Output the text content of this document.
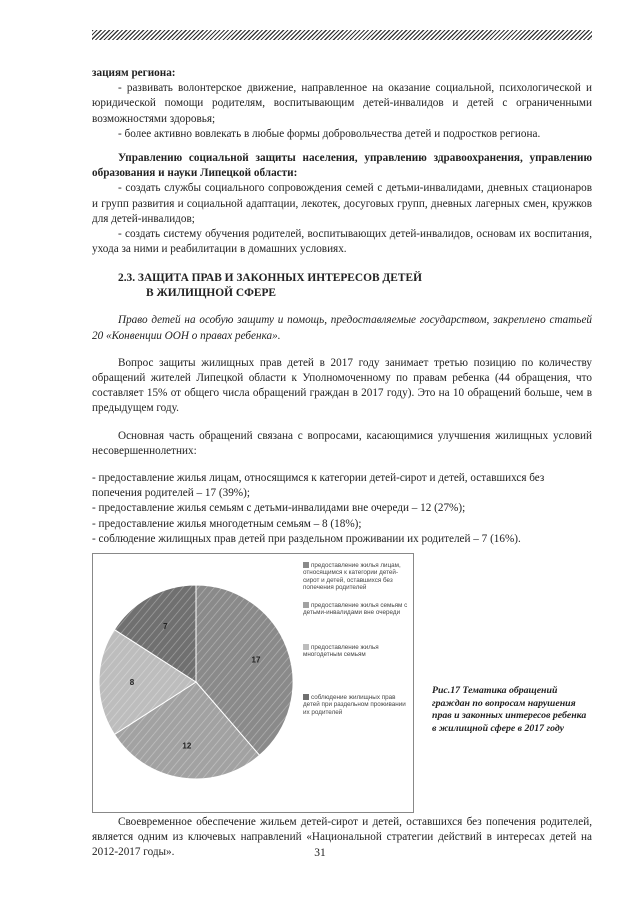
зациям региона:

- развивать волонтерское движение, направленное на оказание социальной, психологической и юридической помощи родителям, воспитывающим детей-инвалидов и детей с ограниченными возможностями здоровья;

- более активно вовлекать в любые формы добровольчества детей и подростков региона.

Управлению социальной защиты населения, управлению здравоохранения, управлению образования и науки Липецкой области:

- создать службы социального сопровождения семей с детьми-инвалидами, дневных стационаров и групп развития и социальной адаптации, лекотек, досуговых групп, дневных лагерных смен, кружков для детей-инвалидов;

- создать систему обучения родителей, воспитывающих детей-инвалидов, основам их воспитания, ухода за ними и реабилитации в домашних условиях.

2.3. ЗАЩИТА ПРАВ И ЗАКОННЫХ ИНТЕРЕСОВ ДЕТЕЙ
В ЖИЛИЩНОЙ СФЕРЕ

Право детей на особую защиту и помощь, предоставляемые государством, закреплено статьей 20 «Конвенции ООН о правах ребенка».

Вопрос защиты жилищных прав детей в 2017 году занимает третью позицию по количеству обращений жителей Липецкой области к Уполномоченному по правам ребенка (44 обращения, что составляет 15% от общего числа обращений граждан в 2017 году). Это на 10 обращений больше, чем в предыдущем году.

Основная часть обращений связана с вопросами, касающимися улучшения жилищных условий несовершеннолетних:

- предоставление жилья лицам, относящимся к категории детей-сирот и детей, оставшихся без попечения родителей – 17 (39%);

- предоставление жилья семьям с детьми-инвалидами вне очереди – 12 (27%);

- предоставление жилья многодетным семьям – 8 (18%);

- соблюдение жилищных прав детей при раздельном проживании их родителей – 7 (16%).

17
12
8
7
предоставление жилья лицам, относящимся к категории детей-сирот и детей, оставшихся без попечения родителей
предоставление жилья семьям с детьми-инвалидами вне очереди
предоставление жилья многодетным семьям
соблюдение жилищных прав детей при раздельном проживании их родителей
Рис.17 Тематика обращений граждан по вопросам нарушения прав и законных интересов ребенка в жилищной сфере в 2017 году

Своевременное обеспечение жильем детей-сирот и детей, оставшихся без попечения родителей, является одним из ключевых направлений «Национальной стратегии действий в интересах детей на 2012-2017 годы».	31
